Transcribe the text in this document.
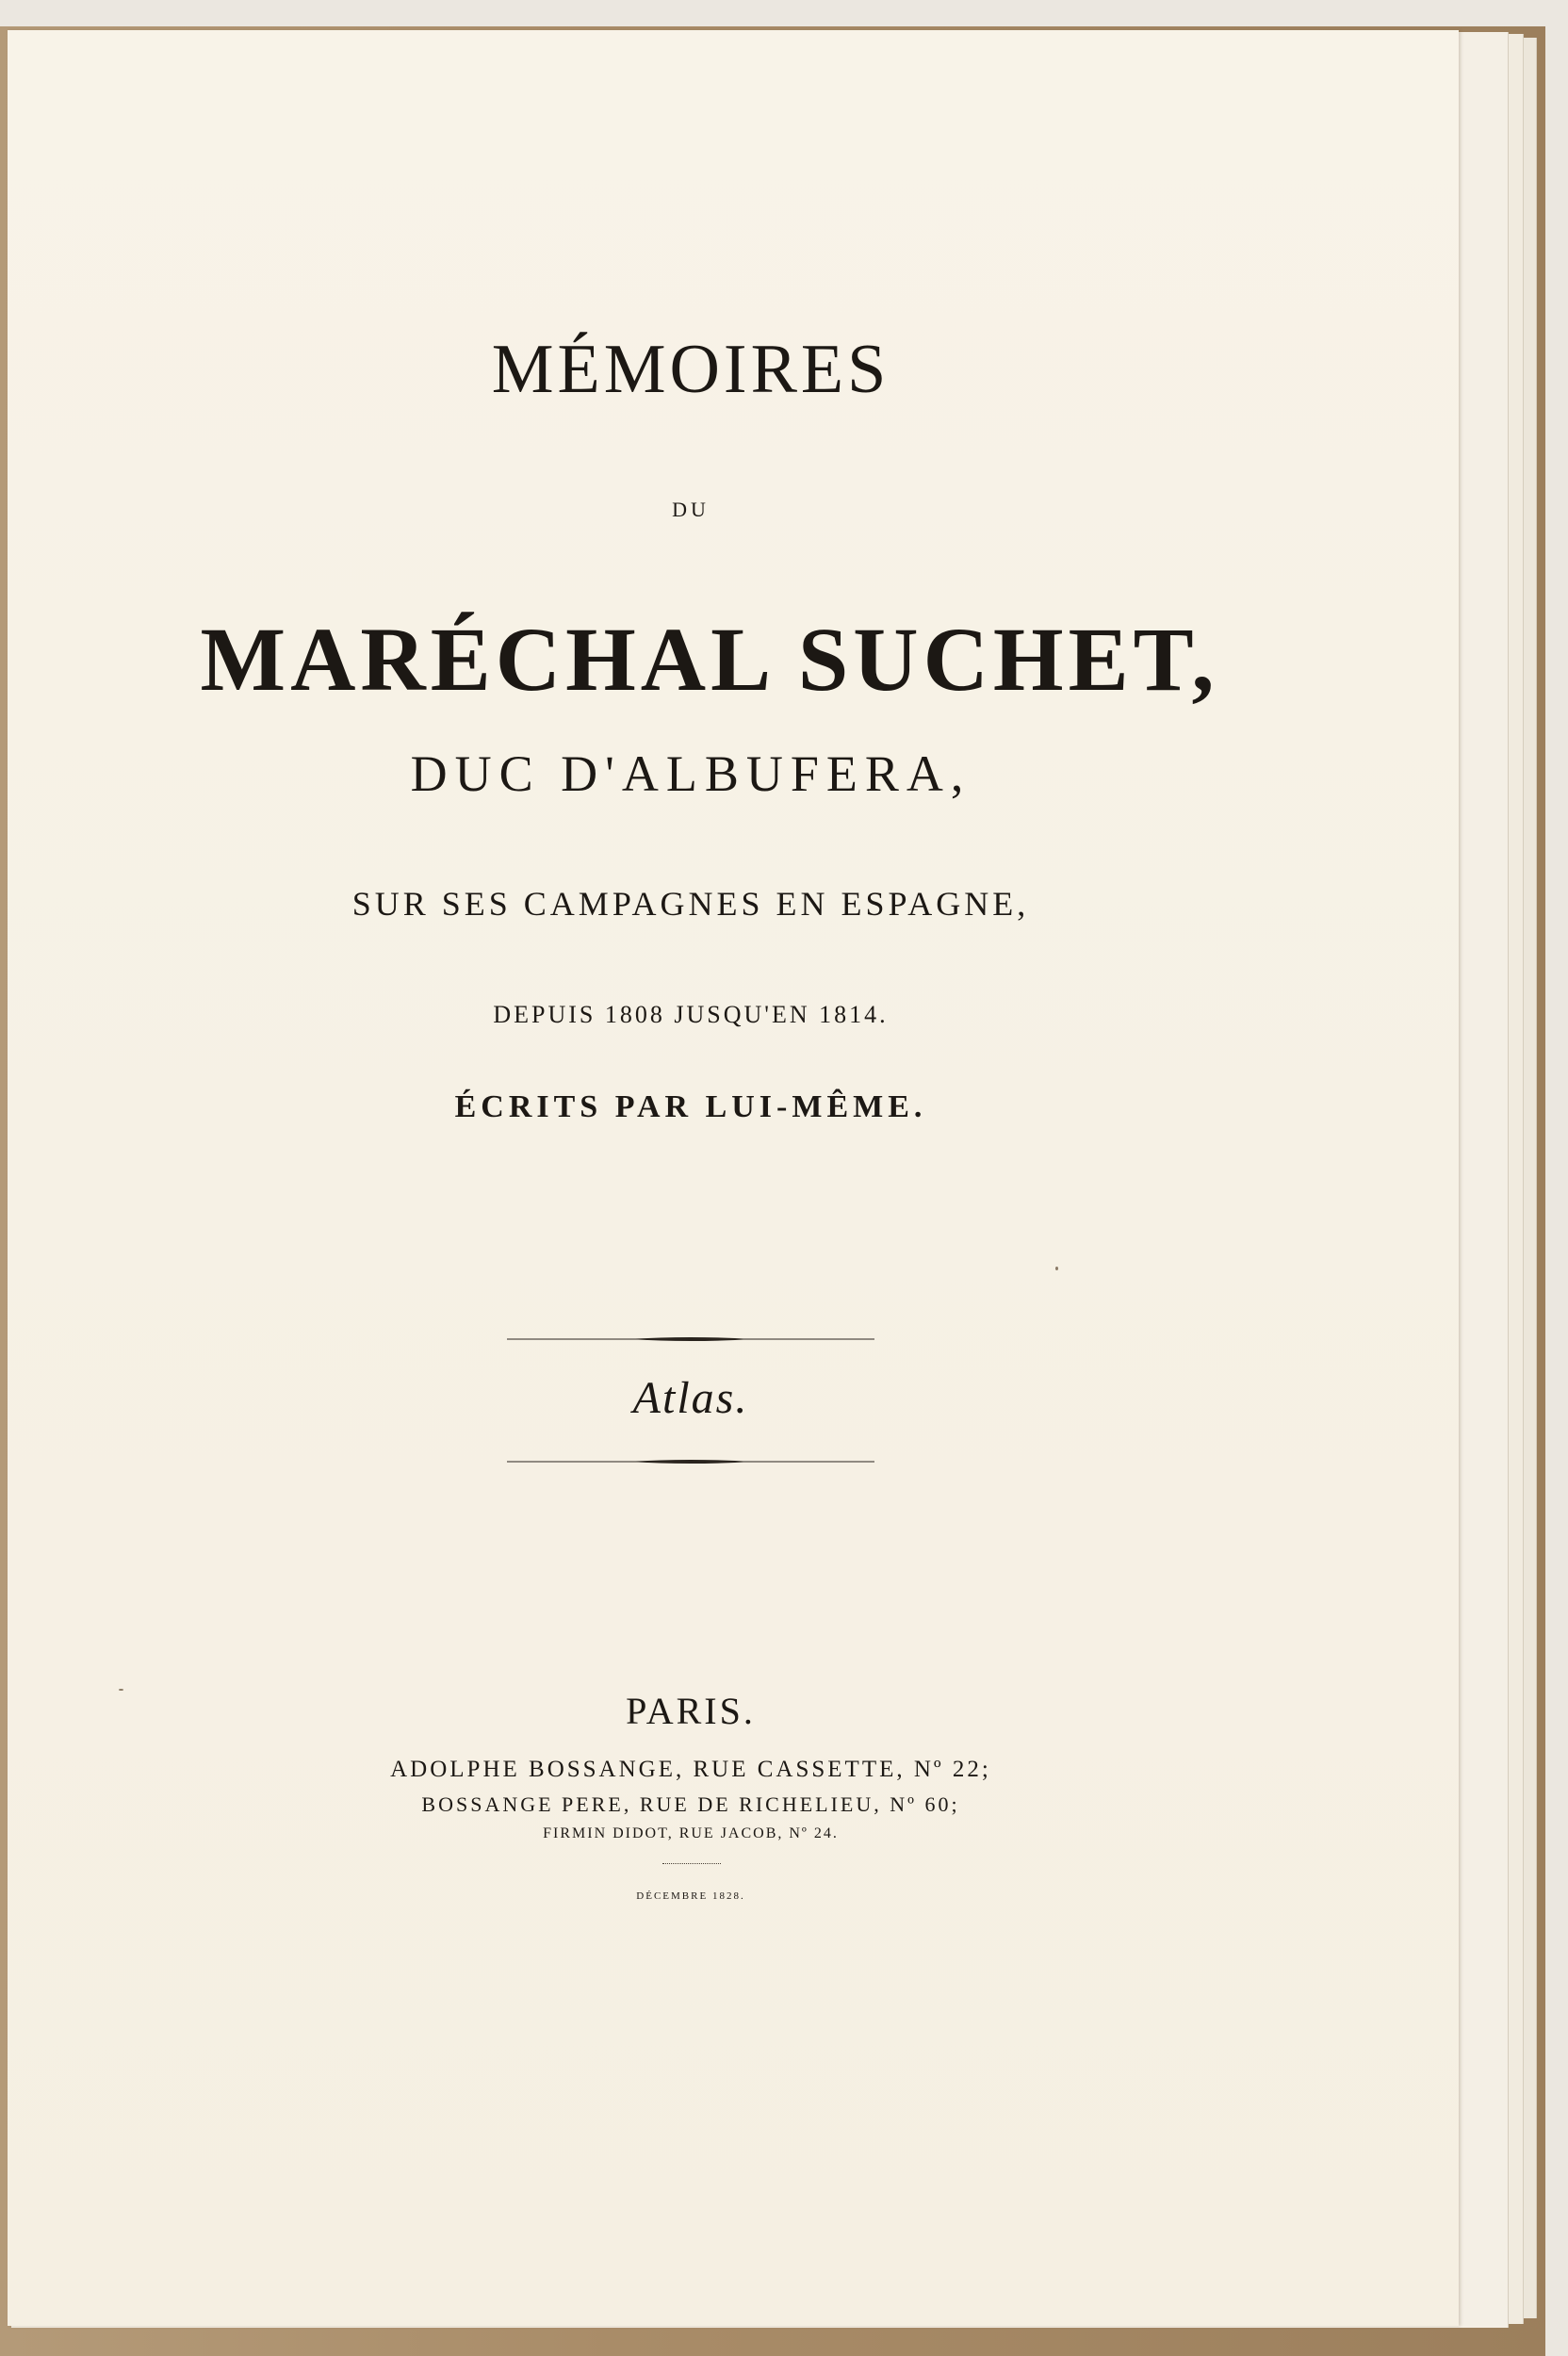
MÉMOIRES
DU
MARÉCHAL SUCHET,
DUC D'ALBUFERA,
SUR SES CAMPAGNES EN ESPAGNE,
DEPUIS 1808 JUSQU'EN 1814.
ÉCRITS PAR LUI-MÊME.
Atlas.
PARIS.
ADOLPHE BOSSANGE, RUE CASSETTE, Nº 22;
BOSSANGE PERE, RUE DE RICHELIEU, Nº 60;
FIRMIN DIDOT, RUE JACOB, Nº 24.
DÉCEMBRE 1828.
